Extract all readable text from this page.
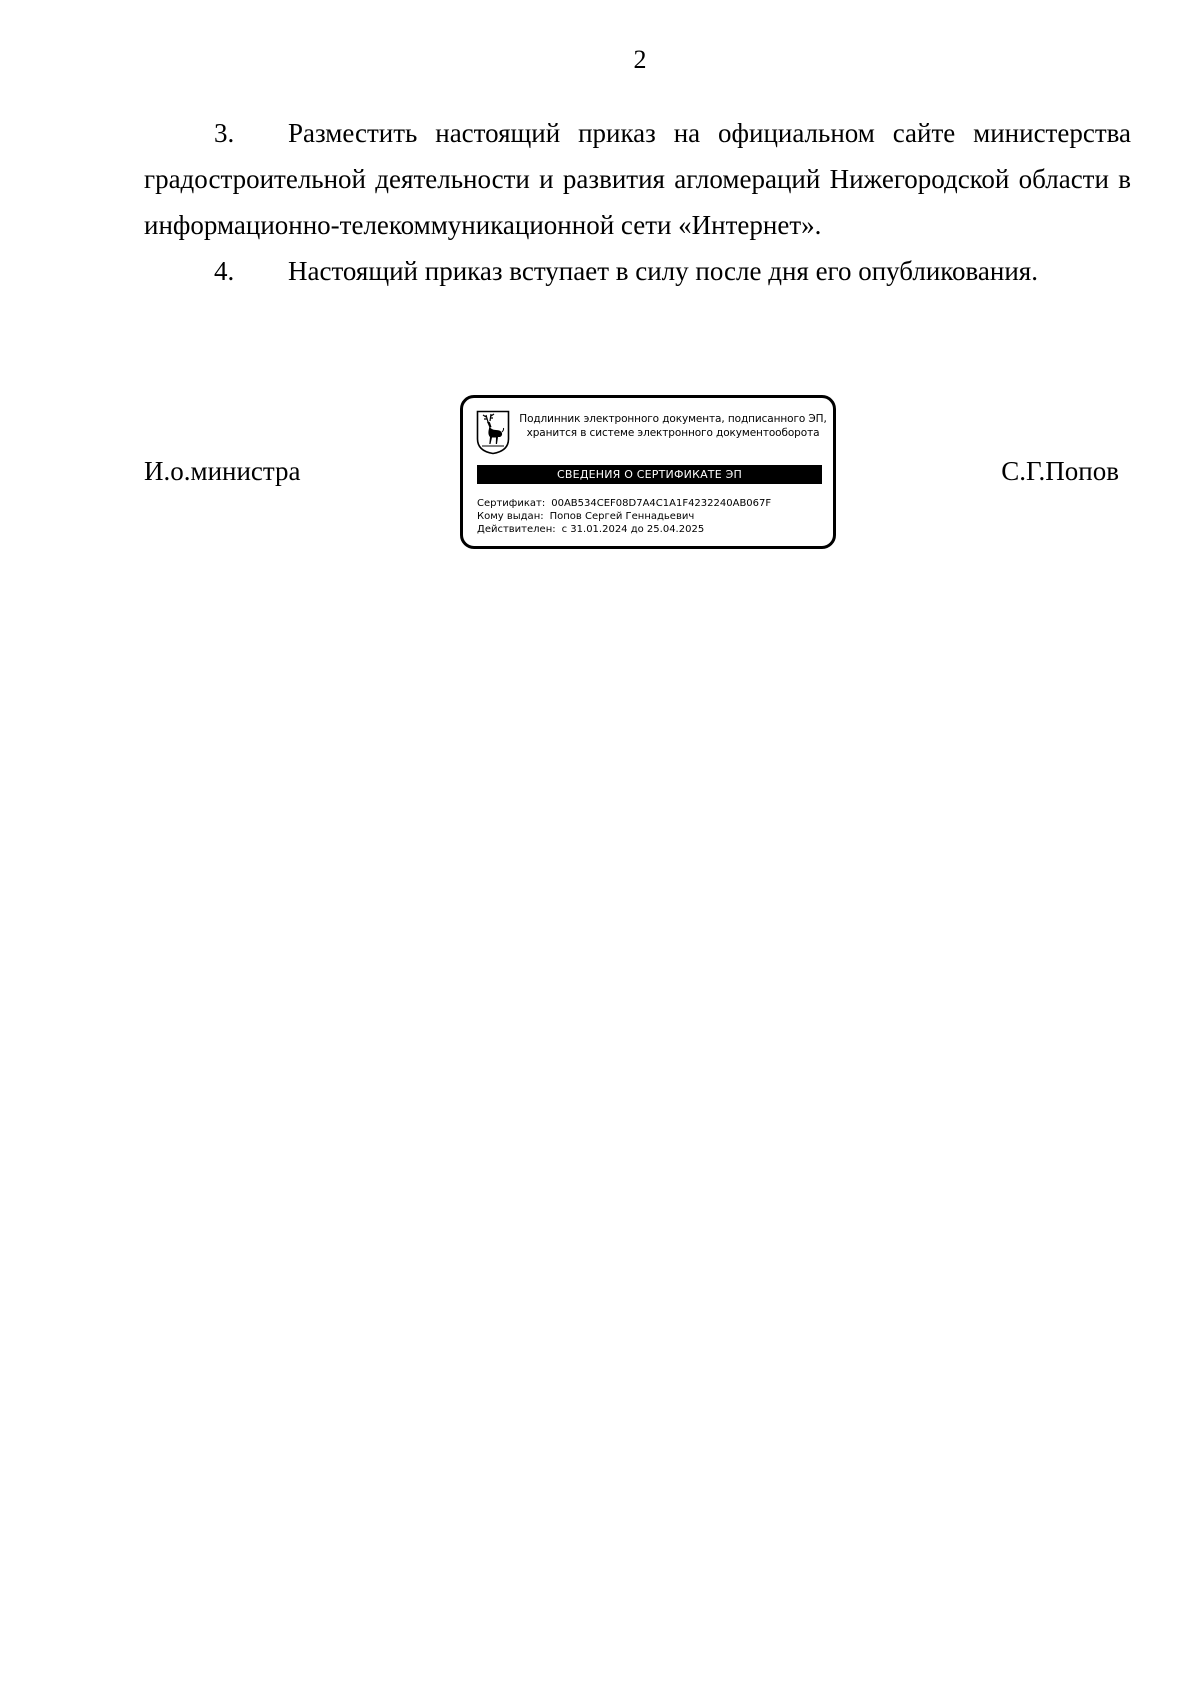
2

3. Разместить настоящий приказ на официальном сайте министерства градостроительной деятельности и развития агломераций Нижегородской области в информационно-телекоммуникационной сети «Интернет».

4. Настоящий приказ вступает в силу после дня его опубликования.

И.о.министра
Подлинник электронного документа, подписанного ЭП,
хранится в системе электронного документооборота
СВЕДЕНИЯ О СЕРТИФИКАТЕ ЭП
Сертификат: 00AB534CEF08D7A4C1A1F4232240AB067F
Кому выдан: Попов Сергей Геннадьевич
Действителен: с 31.01.2024 до 25.04.2025
С.Г.Попов
